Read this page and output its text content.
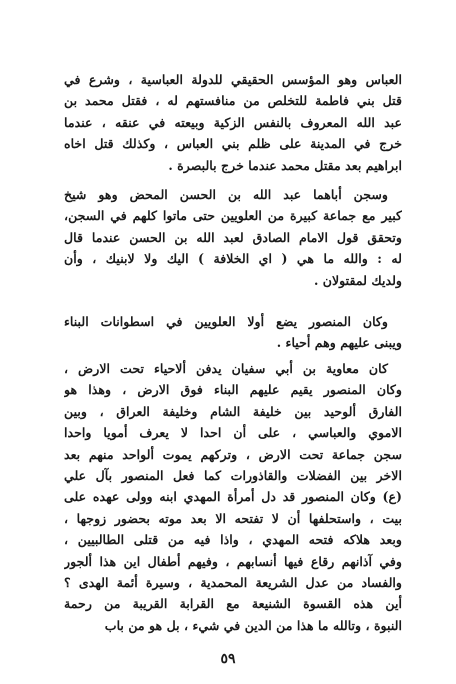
العباس وهو المؤسس الحقيقي للدولة العباسية ، وشرع في
قتل بني فاطمة للتخلص من منافستهم له ، فقتل محمد بن
عبد الله المعروف بالنفس الزكية وبيعته في عنقه ، عندما
خرج في المدينة على ظلم بني العباس ، وكذلك قتل اخاه
ابراهيم بعد مقتل محمد عندما خرج بالبصرة .
وسجن أباهما عبد الله بن الحسن المحض وهو شيخ
كبير مع جماعة كبيرة من العلويين حتى ماتوا كلهم في السجن،
وتحقق قول الامام الصادق لعبد الله بن الحسن عندما قال
له : والله ما هي ( اي الخلافة ) اليك ولا لابنيك ، وأن
ولديك لمقتولان .
وكان المنصور يضع أولا العلويين في اسطوانات البناء
ويبنى عليهم وهم أحياء .
كان معاوية بن أبي سفيان يدفن ألاحياء تحت الارض ،
وكان المنصور يقيم عليهم البناء فوق الارض ، وهذا هو
الفارق ألوحيد بين خليفة الشام وخليفة العراق ، وبين
الاموي والعباسي ، على أن احدا لا يعرف أمويا واحدا
سجن جماعة تحت الارض ، وتركهم يموت ألواحد منهم بعد
الاخر بين الفضلات والقاذورات كما فعل المنصور بآل علي
(ع) وكان المنصور قد دل أمرأة المهدي ابنه وولى عهده على
بيت ، واستحلفها أن لا تفتحه الا بعد موته بحضور زوجها ،
وبعد هلاكه فتحه المهدي ، واذا فيه من قتلى الطالبيين ،
وفي آذانهم رقاع فيها أنسابهم ، وفيهم أطفال اين هذا ألجور
والفساد من عدل الشريعة المحمدية ، وسيرة أئمة الهدى ؟
أين هذه القسوة الشنيعة مع القرابة القريبة من رحمة
النبوة ، وتالله ما هذا من الدين في شيء ، بل هو من باب
٥٩
